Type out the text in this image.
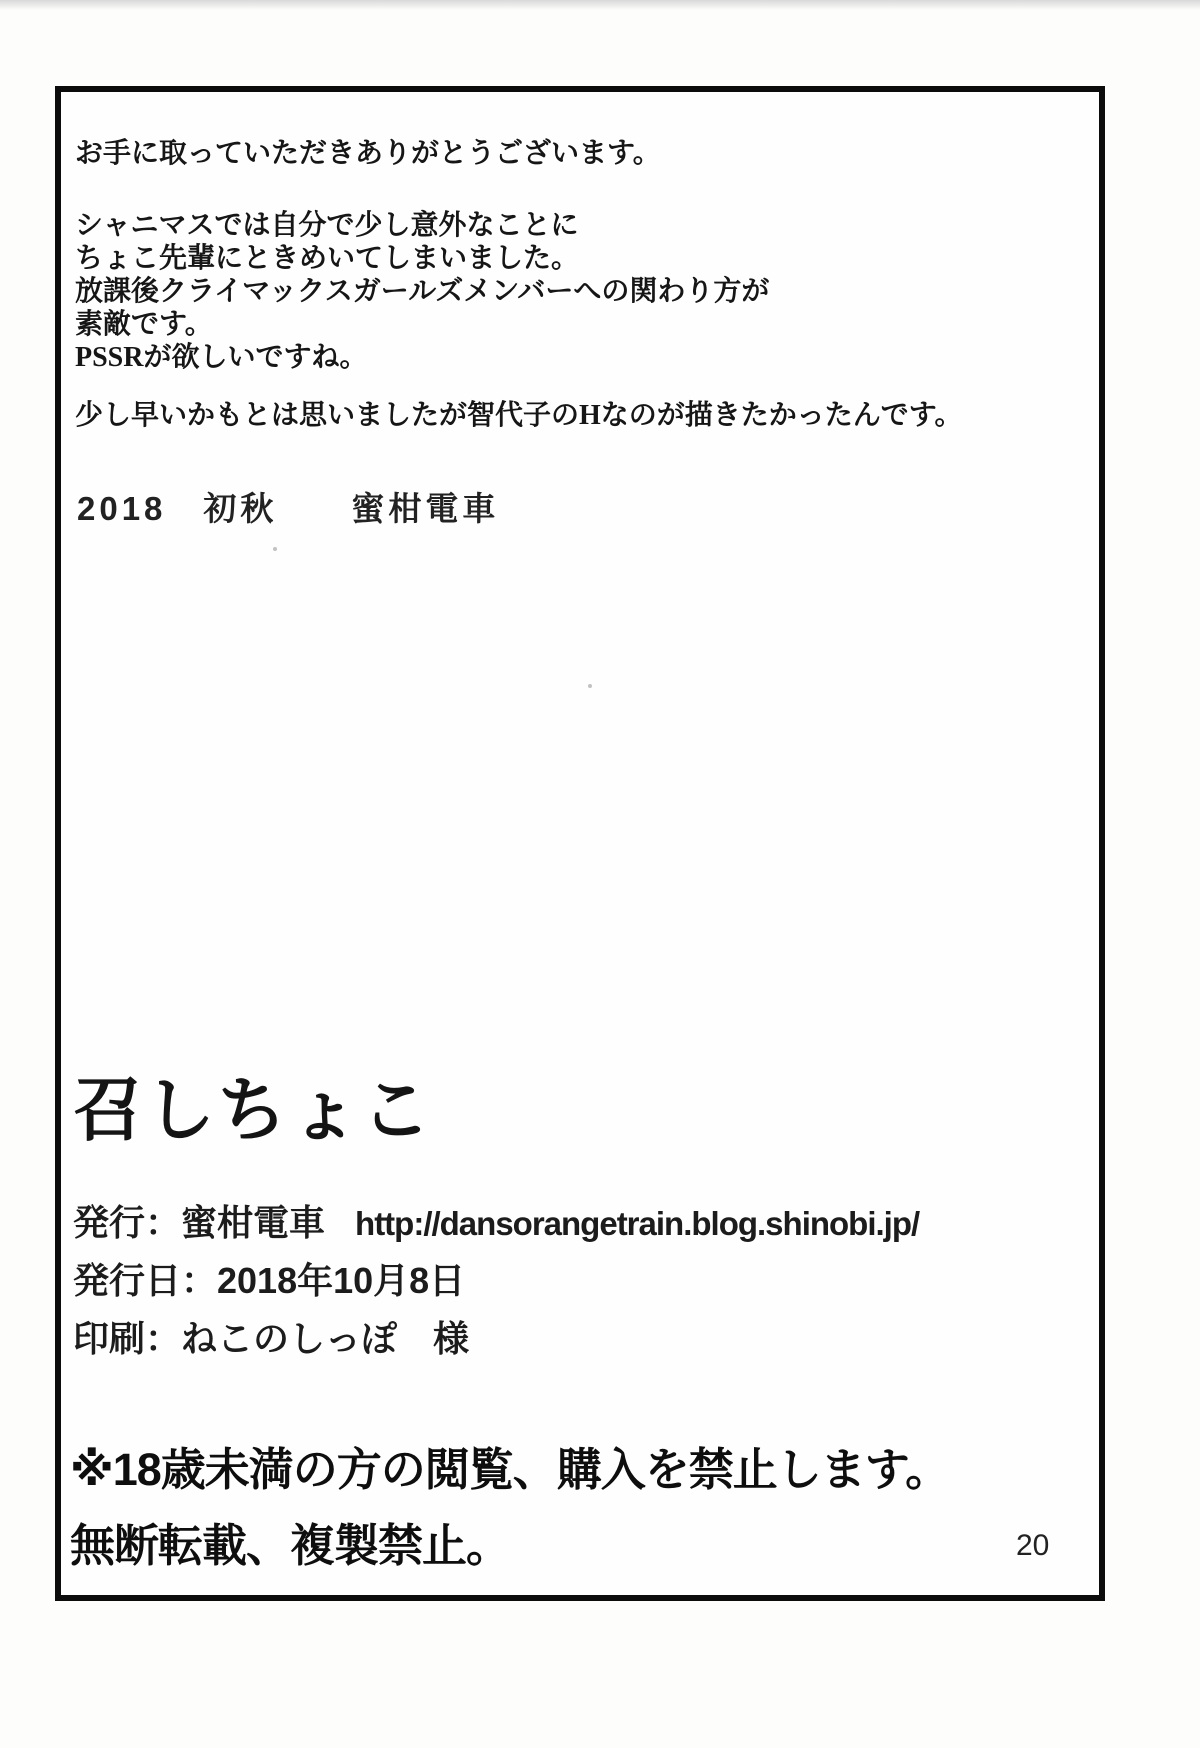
お手に取っていただきありがとうございます。
シャニマスでは自分で少し意外なことに
ちょこ先輩にときめいてしまいました。
放課後クライマックスガールズメンバーへの関わり方が
素敵です。
PSSRが欲しいですね。
少し早いかもとは思いましたが智代子のHなのが描きたかったんです。
2018　初秋　　蜜柑電車
召しちょこ
発行：蜜柑電車 http://dansorangetrain.blog.shinobi.jp/
発行日：2018年10月8日
印刷：ねこのしっぽ　様
※18歳未満の方の閲覧、購入を禁止します。
無断転載、複製禁止。	20
